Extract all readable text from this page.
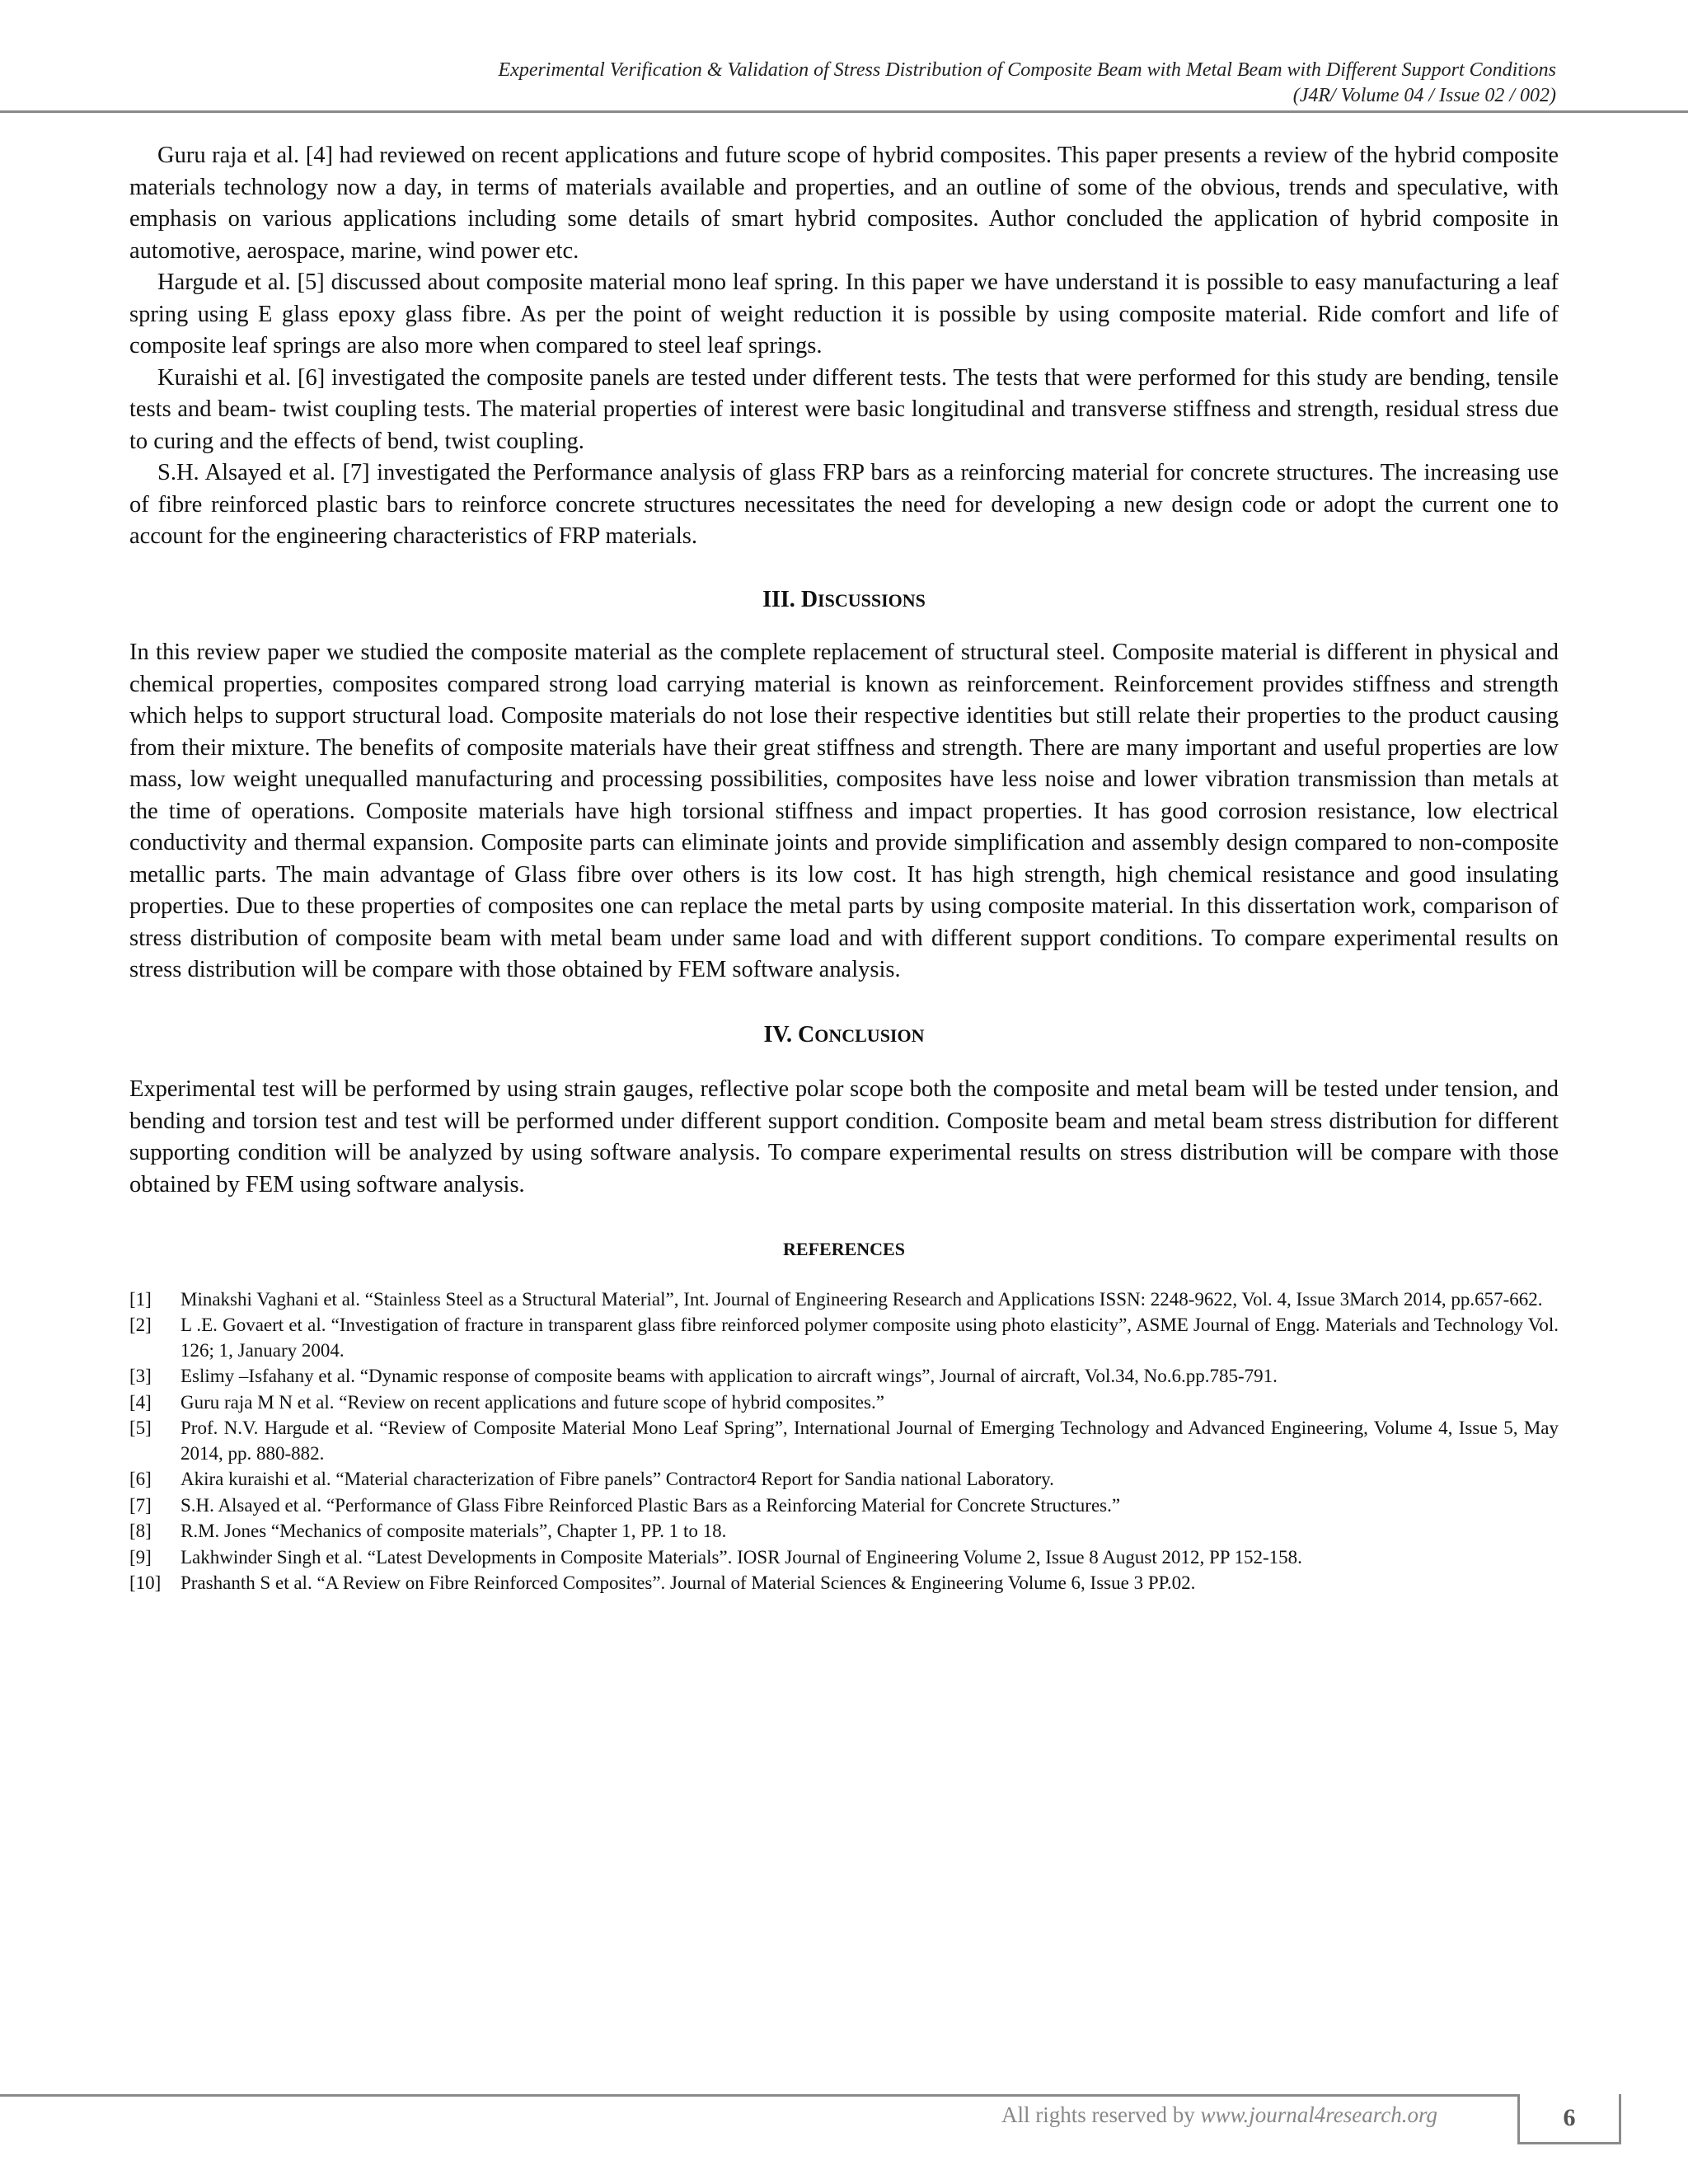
Experimental Verification & Validation of Stress Distribution of Composite Beam with Metal Beam with Different Support Conditions
(J4R/ Volume 04 / Issue 02 / 002)

Guru raja et al. [4] had reviewed on recent applications and future scope of hybrid composites. This paper presents a review of the hybrid composite materials technology now a day, in terms of materials available and properties, and an outline of some of the obvious, trends and speculative, with emphasis on various applications including some details of smart hybrid composites. Author concluded the application of hybrid composite in automotive, aerospace, marine, wind power etc.

Hargude et al. [5] discussed about composite material mono leaf spring. In this paper we have understand it is possible to easy manufacturing a leaf spring using E glass epoxy glass fibre. As per the point of weight reduction it is possible by using composite material. Ride comfort and life of composite leaf springs are also more when compared to steel leaf springs.

Kuraishi et al. [6] investigated the composite panels are tested under different tests. The tests that were performed for this study are bending, tensile tests and beam- twist coupling tests. The material properties of interest were basic longitudinal and transverse stiffness and strength, residual stress due to curing and the effects of bend, twist coupling.

S.H. Alsayed et al. [7] investigated the Performance analysis of glass FRP bars as a reinforcing material for concrete structures. The increasing use of fibre reinforced plastic bars to reinforce concrete structures necessitates the need for developing a new design code or adopt the current one to account for the engineering characteristics of FRP materials.

III. DISCUSSIONS

In this review paper we studied the composite material as the complete replacement of structural steel. Composite material is different in physical and chemical properties, composites compared strong load carrying material is known as reinforcement. Reinforcement provides stiffness and strength which helps to support structural load. Composite materials do not lose their respective identities but still relate their properties to the product causing from their mixture. The benefits of composite materials have their great stiffness and strength. There are many important and useful properties are low mass, low weight unequalled manufacturing and processing possibilities, composites have less noise and lower vibration transmission than metals at the time of operations. Composite materials have high torsional stiffness and impact properties. It has good corrosion resistance, low electrical conductivity and thermal expansion. Composite parts can eliminate joints and provide simplification and assembly design compared to non-composite metallic parts. The main advantage of Glass fibre over others is its low cost. It has high strength, high chemical resistance and good insulating properties. Due to these properties of composites one can replace the metal parts by using composite material. In this dissertation work, comparison of stress distribution of composite beam with metal beam under same load and with different support conditions. To compare experimental results on stress distribution will be compare with those obtained by FEM software analysis.

IV. CONCLUSION

Experimental test will be performed by using strain gauges, reflective polar scope both the composite and metal beam will be tested under tension, and bending and torsion test and test will be performed under different support condition. Composite beam and metal beam stress distribution for different supporting condition will be analyzed by using software analysis. To compare experimental results on stress distribution will be compare with those obtained by FEM using software analysis.

REFERENCES
[1]	Minakshi Vaghani et al. “Stainless Steel as a Structural Material”, Int. Journal of Engineering Research and Applications ISSN: 2248-9622, Vol. 4, Issue 3March 2014, pp.657-662.
[2]	L .E. Govaert et al. “Investigation of fracture in transparent glass fibre reinforced polymer composite using photo elasticity”, ASME Journal of Engg. Materials and Technology Vol. 126; 1, January 2004.
[3]	Eslimy –Isfahany et al. “Dynamic response of composite beams with application to aircraft wings”, Journal of aircraft, Vol.34, No.6.pp.785-791.
[4]	Guru raja M N et al. “Review on recent applications and future scope of hybrid composites.”
[5]	Prof. N.V. Hargude et al. “Review of Composite Material Mono Leaf Spring”, International Journal of Emerging Technology and Advanced Engineering, Volume 4, Issue 5, May 2014, pp. 880-882.
[6]	Akira kuraishi et al. “Material characterization of Fibre panels” Contractor4 Report for Sandia national Laboratory.
[7]	S.H. Alsayed et al. “Performance of Glass Fibre Reinforced Plastic Bars as a Reinforcing Material for Concrete Structures.”
[8]	R.M. Jones “Mechanics of composite materials”, Chapter 1, PP. 1 to 18.
[9]	Lakhwinder Singh et al. “Latest Developments in Composite Materials”. IOSR Journal of Engineering Volume 2, Issue 8 August 2012, PP 152-158.
[10]	Prashanth S et al. “A Review on Fibre Reinforced Composites”. Journal of Material Sciences & Engineering Volume 6, Issue 3 PP.02.
All rights reserved by www.journal4research.org	6
